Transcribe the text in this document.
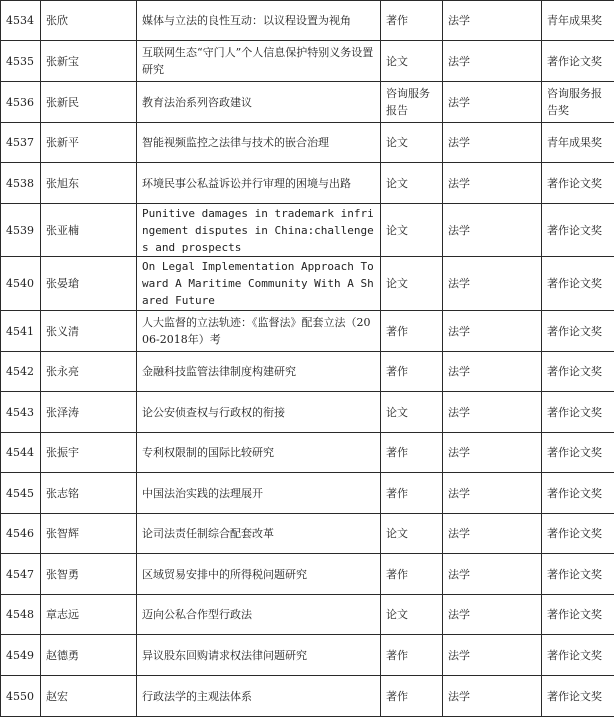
4534	张欣	媒体与立法的良性互动：以议程设置为视角	著作	法学	青年成果奖
4535	张新宝	互联网生态“守门人”个人信息保护特别义务设置研究	论文	法学	著作论文奖
4536	张新民	教育法治系列咨政建议	咨询服务报告	法学	咨询服务报告奖
4537	张新平	智能视频监控之法律与技术的嵌合治理	论文	法学	青年成果奖
4538	张旭东	环境民事公私益诉讼并行审理的困境与出路	论文	法学	著作论文奖
4539	张亚楠	Punitive damages in trademark infringement disputes in China:challenges and prospects	论文	法学	著作论文奖
4540	张晏瑲	On Legal Implementation Approach Toward A Maritime Community With A Shared Future	论文	法学	著作论文奖
4541	张义清	人大监督的立法轨迹：《监督法》配套立法（2006-2018年）考	著作	法学	著作论文奖
4542	张永亮	金融科技监管法律制度构建研究	著作	法学	著作论文奖
4543	张泽涛	论公安侦查权与行政权的衔接	论文	法学	著作论文奖
4544	张振宇	专利权限制的国际比较研究	著作	法学	著作论文奖
4545	张志铭	中国法治实践的法理展开	著作	法学	著作论文奖
4546	张智辉	论司法责任制综合配套改革	论文	法学	著作论文奖
4547	张智勇	区域贸易安排中的所得税问题研究	著作	法学	著作论文奖
4548	章志远	迈向公私合作型行政法	论文	法学	著作论文奖
4549	赵德勇	异议股东回购请求权法律问题研究	著作	法学	著作论文奖
4550	赵宏	行政法学的主观法体系	著作	法学	著作论文奖
